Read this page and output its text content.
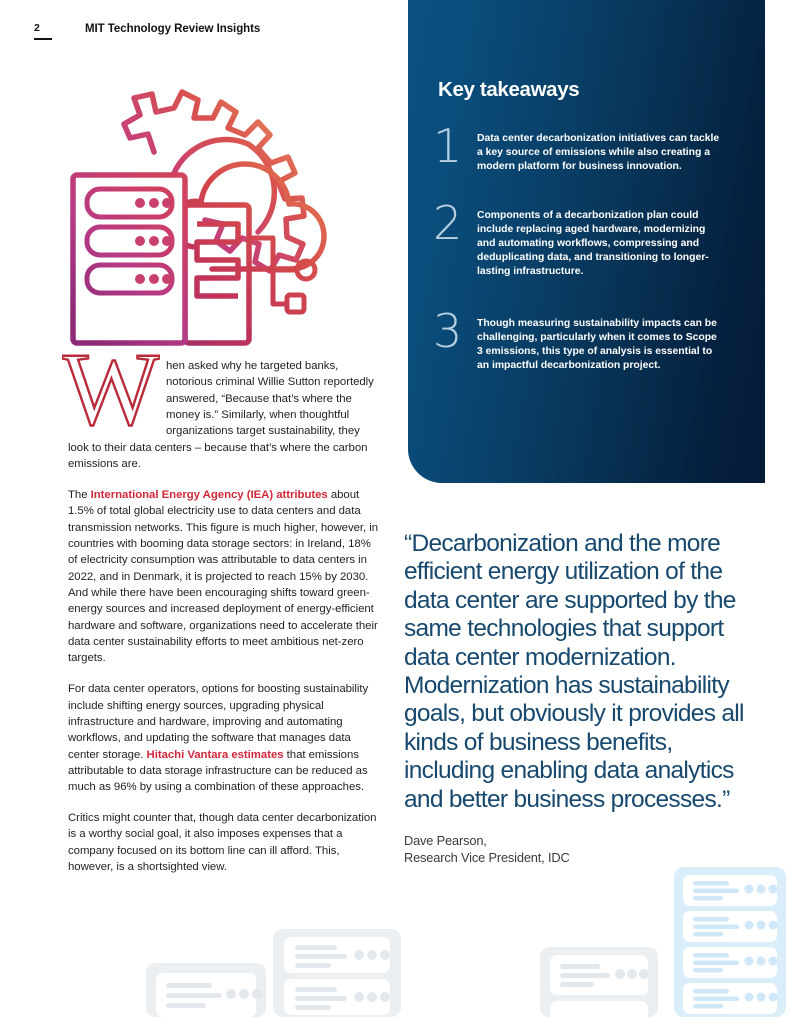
2	MIT Technology Review Insights
W	hen asked why he targeted banks, notorious criminal Willie Sutton reportedly answered, “Because that’s where the money is.” Similarly, when thoughtful organizations target sustainability, they look to their data centers – because that’s where the carbon emissions are.
The International Energy Agency (IEA) attributes about 1.5% of total global electricity use to data centers and data transmission networks. This figure is much higher, however, in countries with booming data storage sectors: in Ireland, 18% of electricity consumption was attributable to data centers in 2022, and in Denmark, it is projected to reach 15% by 2030. And while there have been encouraging shifts toward green-energy sources and increased deployment of energy-efficient hardware and software, organizations need to accelerate their data center sustainability efforts to meet ambitious net-zero targets.
For data center operators, options for boosting sustainability include shifting energy sources, upgrading physical infrastructure and hardware, improving and automating workflows, and updating the software that manages data center storage. Hitachi Vantara estimates that emissions attributable to data storage infrastructure can be reduced as much as 96% by using a combination of these approaches.
Critics might counter that, though data center decarbonization is a worthy social goal, it also imposes expenses that a company focused on its bottom line can ill afford. This, however, is a shortsighted view.
Key takeaways
1	Data center decarbonization initiatives can tackle a key source of emissions while also creating a modern platform for business innovation.
2	Components of a decarbonization plan could include replacing aged hardware, modernizing and automating workflows, compressing and deduplicating data, and transitioning to longer-lasting infrastructure.
3	Though measuring sustainability impacts can be challenging, particularly when it comes to Scope 3 emissions, this type of analysis is essential to an impactful decarbonization project.
“Decarbonization and the more efficient energy utilization of the data center are supported by the same technologies that support data center modernization. Modernization has sustainability goals, but obviously it provides all kinds of business benefits, including enabling data analytics and better business processes.”
Dave Pearson,
Research Vice President, IDC
